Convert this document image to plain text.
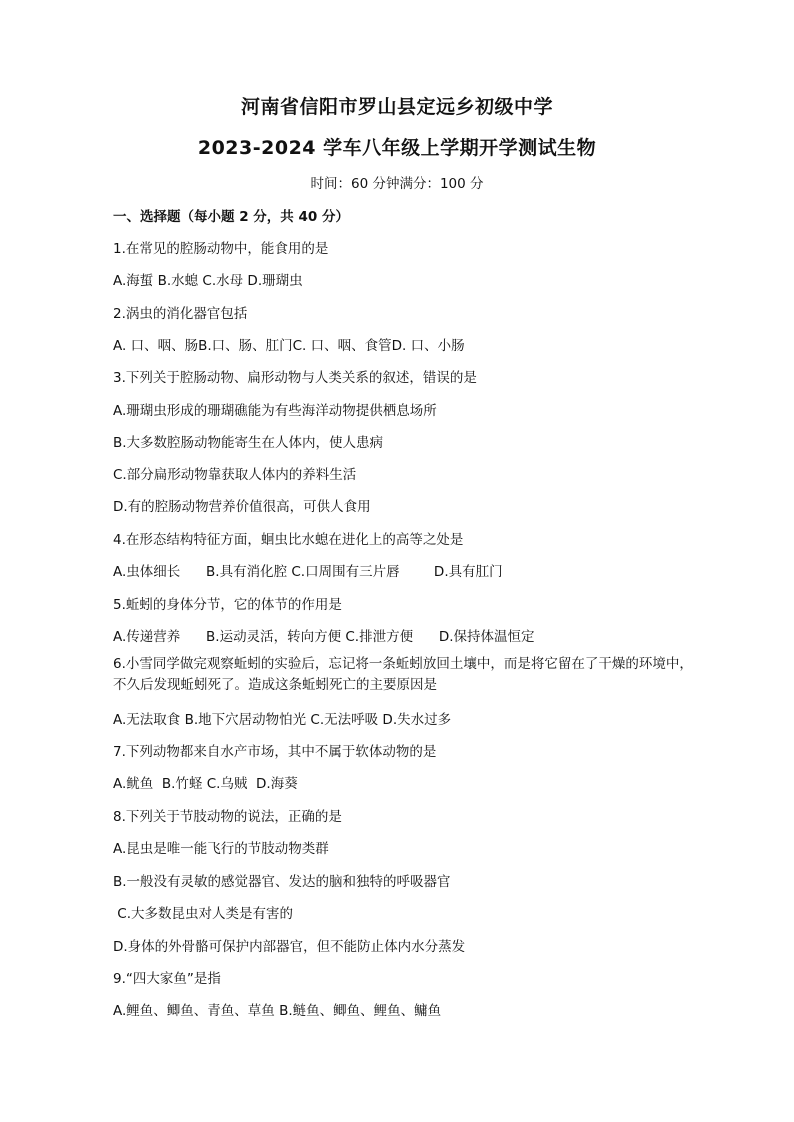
河南省信阳市罗山县定远乡初级中学
2023-2024 学车八年级上学期开学测试生物
时间：60 分钟满分：100 分
一、选择题（每小题 2 分，共 40 分）
1.在常见的腔肠动物中，能食用的是
A.海蜇 B.水螅 C.水母 D.珊瑚虫
2.涡虫的消化器官包括
A. 口、咽、肠B.口、肠、肛门C. 口、咽、食管D. 口、小肠
3.下列关于腔肠动物、扁形动物与人类关系的叙述，错误的是
A.珊瑚虫形成的珊瑚礁能为有些海洋动物提供栖息场所
B.大多数腔肠动物能寄生在人体内，使人患病
C.部分扁形动物靠获取人体内的养料生活
D.有的腔肠动物营养价值很高，可供人食用
4.在形态结构特征方面，蛔虫比水螅在进化上的高等之处是
A.虫体细长      B.具有消化腔 C.口周围有三片唇        D.具有肛门
5.蚯蚓的身体分节，它的体节的作用是
A.传递营养      B.运动灵活，转向方便 C.排泄方便      D.保持体温恒定
6.小雪同学做完观察蚯蚓的实验后，忘记将一条蚯蚓放回土壤中，而是将它留在了干燥的环境中，不久后发现蚯蚓死了。造成这条蚯蚓死亡的主要原因是
A.无法取食 B.地下穴居动物怕光 C.无法呼吸 D.失水过多
7.下列动物都来自水产市场，其中不属于软体动物的是
A.鱿鱼  B.竹蛏 C.乌贼  D.海葵
8.下列关于节肢动物的说法，正确的是
A.昆虫是唯一能飞行的节肢动物类群
B.一般没有灵敏的感觉器官、发达的脑和独特的呼吸器官
C.大多数昆虫对人类是有害的
D.身体的外骨骼可保护内部器官，但不能防止体内水分蒸发
9.“四大家鱼”是指
A.鲤鱼、鲫鱼、青鱼、草鱼 B.鲢鱼、鲫鱼、鲤鱼、鳙鱼
